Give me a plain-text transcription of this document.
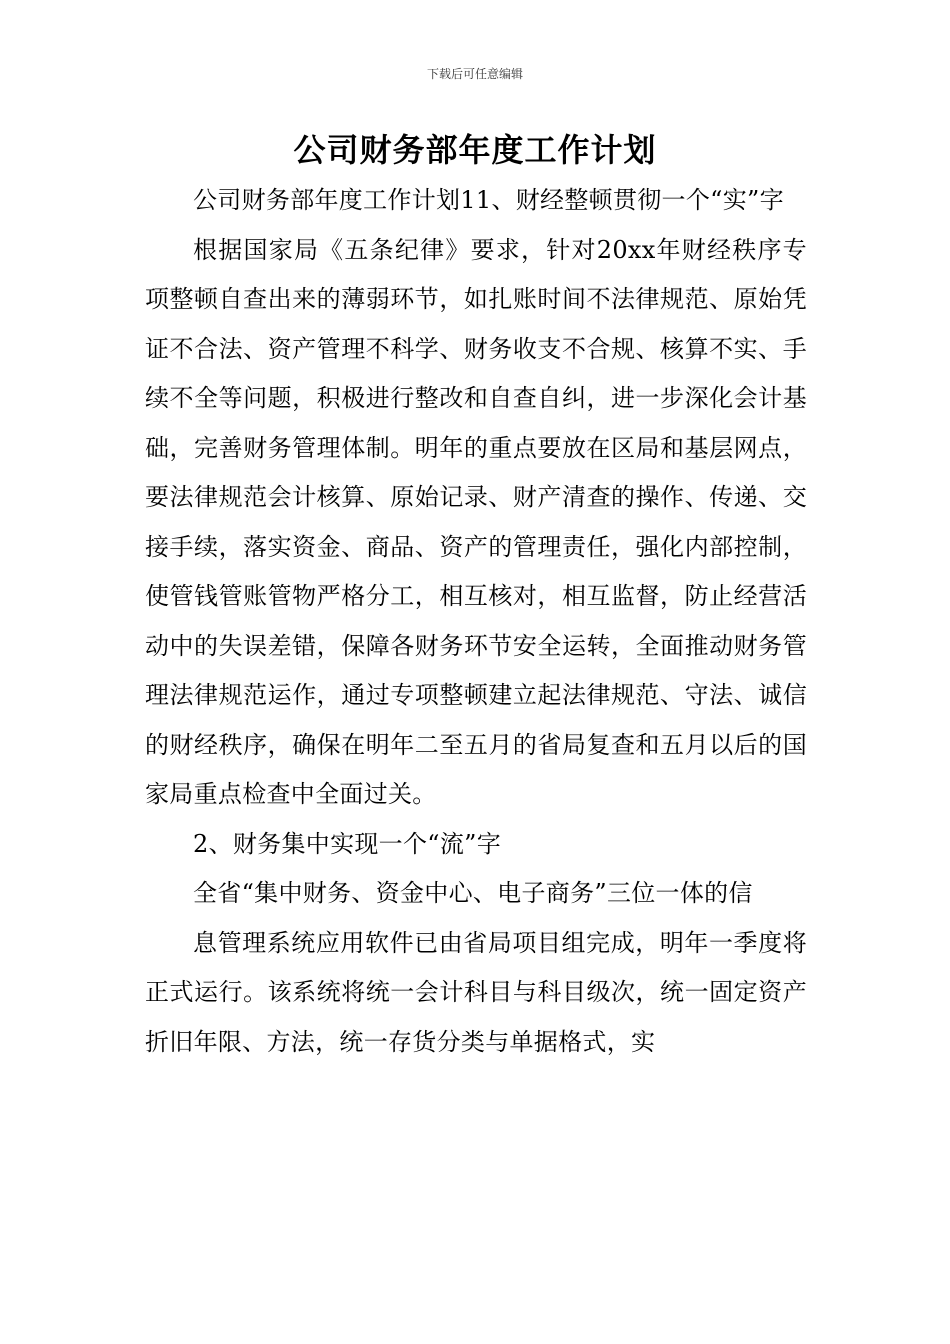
下载后可任意编辑
公司财务部年度工作计划

公司财务部年度工作计划11、财经整顿贯彻一个“实”字

根据国家局《五条纪律》要求，针对20xx年财经秩序专项整顿自查出来的薄弱环节，如扎账时间不法律规范、原始凭证不合法、资产管理不科学、财务收支不合规、核算不实、手续不全等问题，积极进行整改和自查自纠，进一步深化会计基础，完善财务管理体制。明年的重点要放在区局和基层网点，要法律规范会计核算、原始记录、财产清查的操作、传递、交接手续，落实资金、商品、资产的管理责任，强化内部控制，使管钱管账管物严格分工，相互核对，相互监督，防止经营活动中的失误差错，保障各财务环节安全运转，全面推动财务管理法律规范运作，通过专项整顿建立起法律规范、守法、诚信的财经秩序，确保在明年二至五月的省局复查和五月以后的国家局重点检查中全面过关。

2、财务集中实现一个“流”字

全省“集中财务、资金中心、电子商务”三位一体的信

息管理系统应用软件已由省局项目组完成，明年一季度将正式运行。该系统将统一会计科目与科目级次，统一固定资产折旧年限、方法，统一存货分类与单据格式，实
